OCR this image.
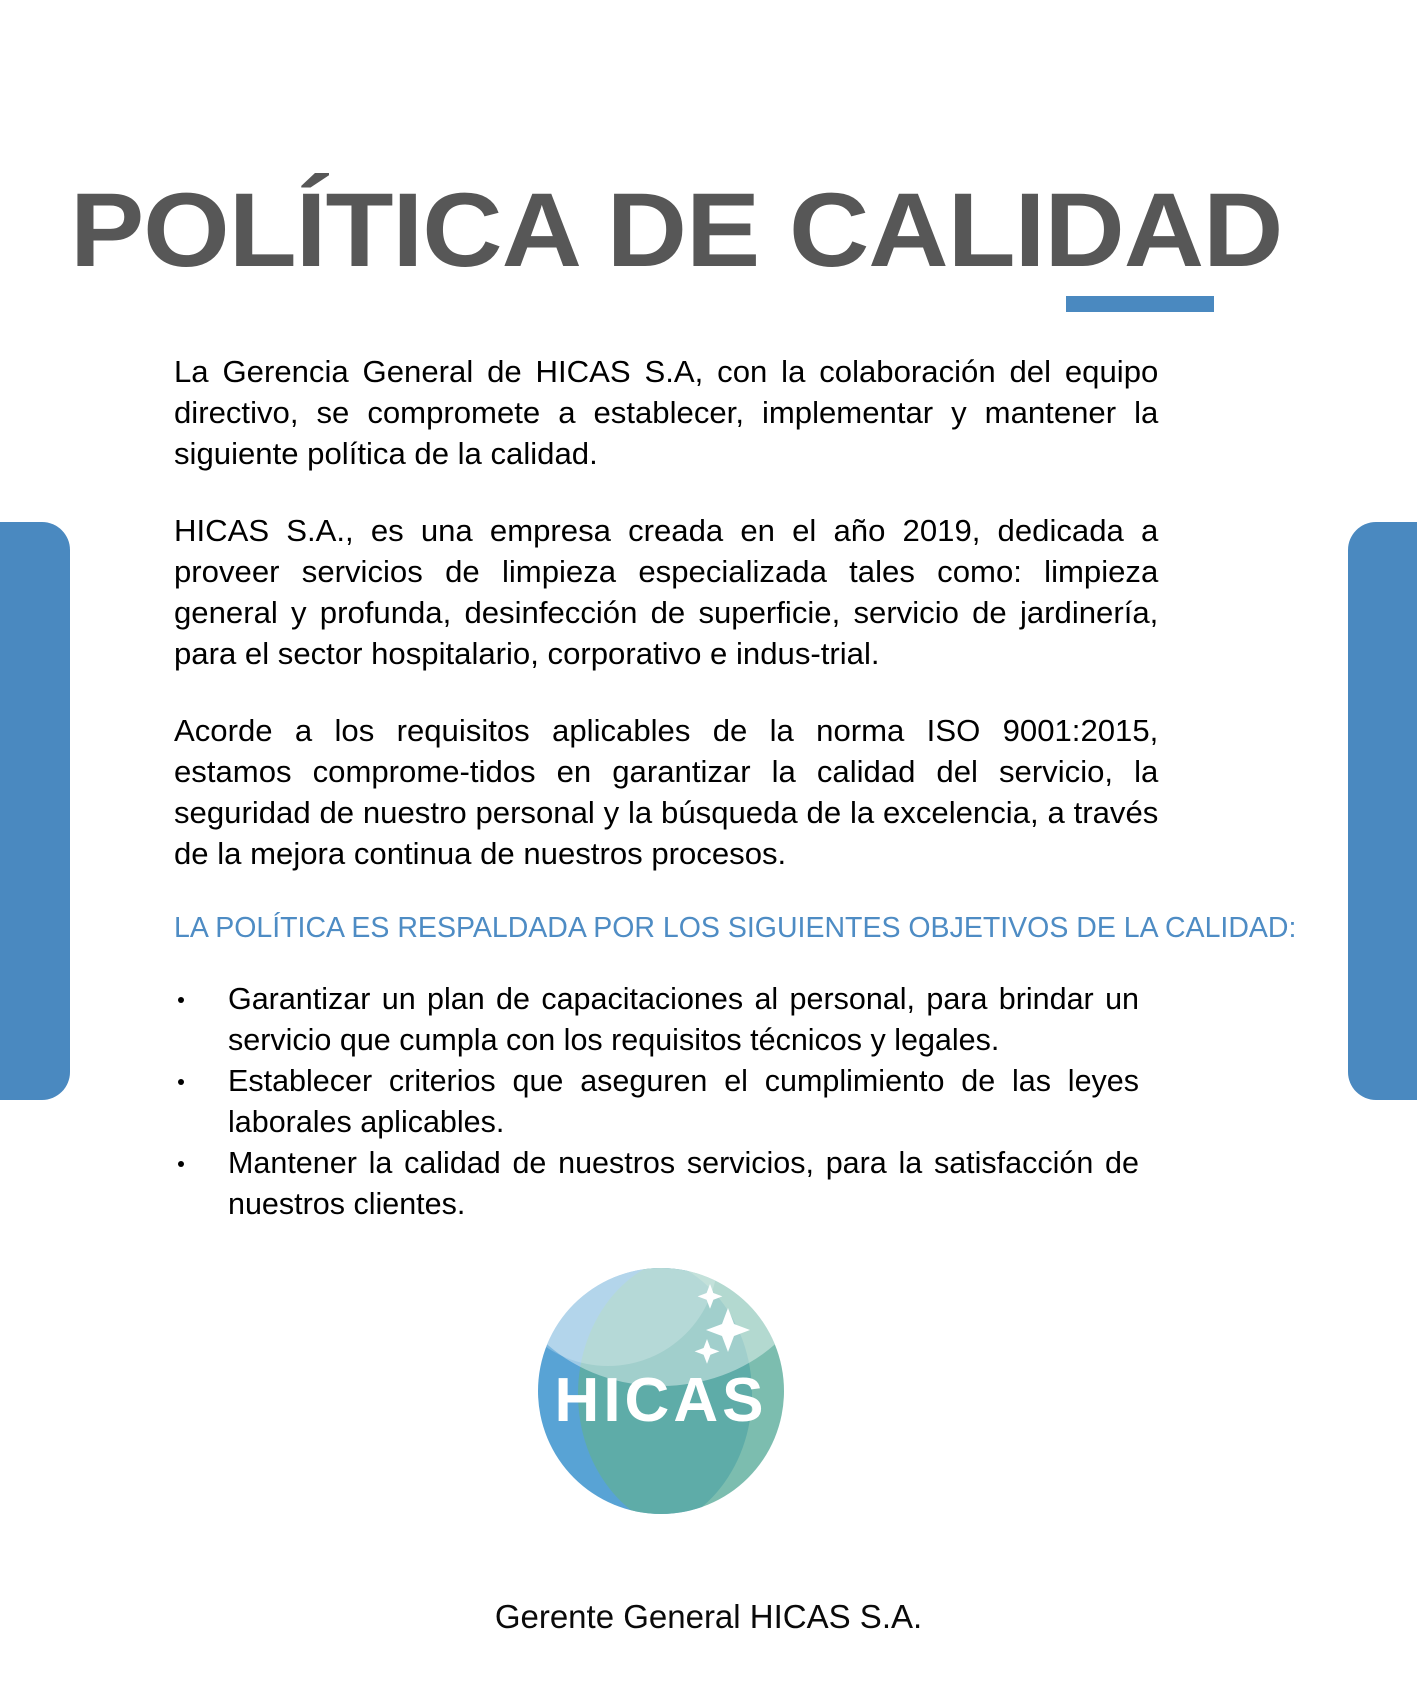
POLÍTICA DE CALIDAD

La Gerencia General de HICAS S.A, con la colaboración del equipo directivo, se compromete a establecer, implementar y mantener la siguiente política de la calidad.

HICAS S.A., es una empresa creada en el año 2019, dedicada a proveer servicios de limpieza especializada tales como: limpieza general y profunda, desinfección de superficie, servicio de jardinería, para el sector hospitalario, corporativo e indus-trial.

Acorde a los requisitos aplicables de la norma ISO 9001:2015, estamos comprome-tidos en garantizar la calidad del servicio, la seguridad de nuestro personal y la búsqueda de la excelencia, a través de la mejora continua de nuestros procesos.

LA POLÍTICA ES RESPALDADA POR LOS SIGUIENTES OBJETIVOS DE LA CALIDAD:
Garantizar un plan de capacitaciones al personal, para brindar un servicio que cumpla con los requisitos técnicos y legales.
Establecer criterios que aseguren el cumplimiento de las leyes laborales aplicables.
Mantener la calidad de nuestros servicios, para la satisfacción de nuestros clientes.
HICAS
Gerente General HICAS S.A.
